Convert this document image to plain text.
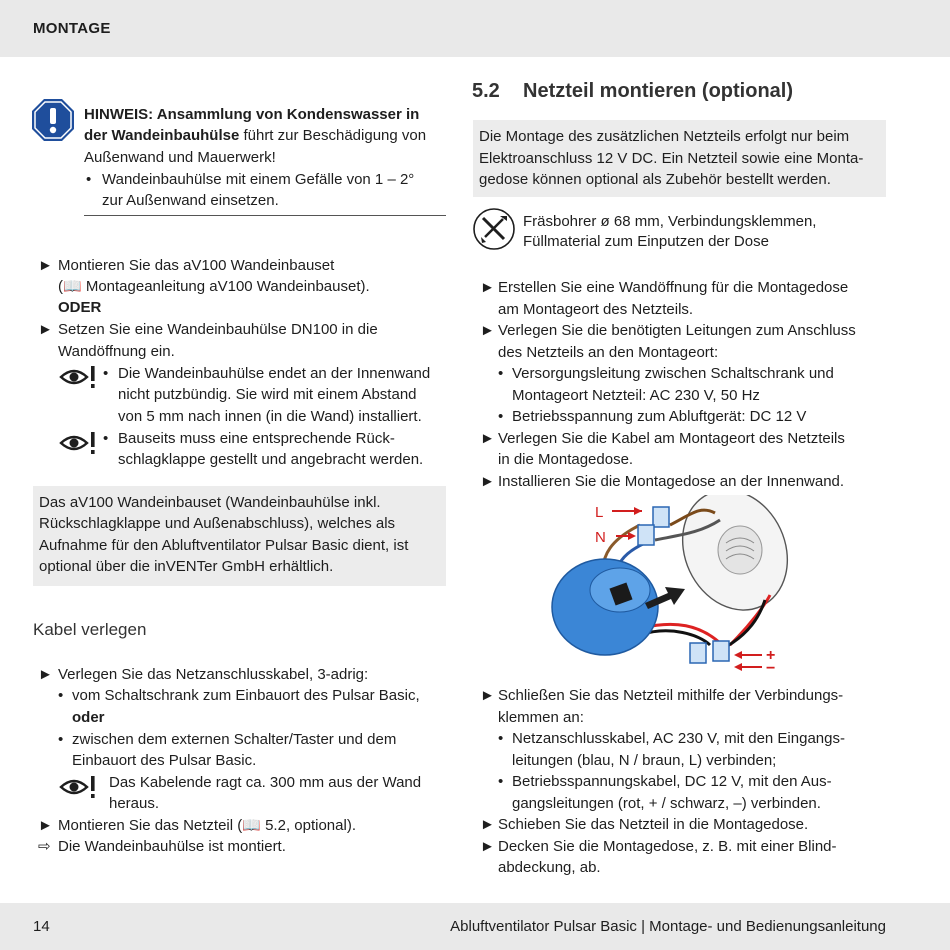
MONTAGE
14	Abluftventilator Pulsar Basic | Montage- und Bedienungsanleitung
HINWEIS: Ansammlung von Kondenswasser in
der Wandeinbauhülse führt zur Beschädigung von
Außenwand und Mauerwerk!
• Wandeinbauhülse mit einem Gefälle von 1 – 2°
zur Außenwand einsetzen.
► Montieren Sie das aV100 Wandeinbauset
(📖 Montageanleitung aV100 Wandeinbauset).
ODER
► Setzen Sie eine Wandeinbauhülse DN100 in die
Wandöffnung ein.
• Die Wandeinbauhülse endet an der Innenwand
nicht putzbündig. Sie wird mit einem Abstand
von 5 mm nach innen (in die Wand) installiert.
• Bauseits muss eine entsprechende Rück-
schlagklappe gestellt und angebracht werden.
Das aV100 Wandeinbauset (Wandeinbauhülse inkl.
Rückschlagklappe und Außenabschluss), welches als
Aufnahme für den Abluftventilator Pulsar Basic dient, ist
optional über die inVENTer GmbH erhältlich.
Kabel verlegen
► Verlegen Sie das Netzanschlusskabel, 3-adrig:
• vom Schaltschrank zum Einbauort des Pulsar Basic,
oder
• zwischen dem externen Schalter/Taster und dem
Einbauort des Pulsar Basic.
Das Kabelende ragt ca. 300 mm aus der Wand
heraus.
► Montieren Sie das Netzteil (📖 5.2, optional).
⇨ Die Wandeinbauhülse ist montiert.
5.2 Netzteil montieren (optional)
Die Montage des zusätzlichen Netzteils erfolgt nur beim
Elektroanschluss 12 V DC. Ein Netzteil sowie eine Monta-
gedose können optional als Zubehör bestellt werden.
Fräsbohrer ø 68 mm, Verbindungsklemmen,
Füllmaterial zum Einputzen der Dose
► Erstellen Sie eine Wandöffnung für die Montagedose
am Montageort des Netzteils.
► Verlegen Sie die benötigten Leitungen zum Anschluss
des Netzteils an den Montageort:
• Versorgungsleitung zwischen Schaltschrank und
Montageort Netzteil: AC 230 V, 50 Hz
• Betriebsspannung zum Abluftgerät: DC 12 V
► Verlegen Sie die Kabel am Montageort des Netzteils
in die Montagedose.
► Installieren Sie die Montagedose an der Innenwand.
L
N
+
−
► Schließen Sie das Netzteil mithilfe der Verbindungs-
klemmen an:
• Netzanschlusskabel, AC 230 V, mit den Eingangs-
leitungen (blau, N / braun, L) verbinden;
• Betriebsspannungskabel, DC 12 V, mit den Aus-
gangsleitungen (rot, + / schwarz, –) verbinden.
► Schieben Sie das Netzteil in die Montagedose.
► Decken Sie die Montagedose, z. B. mit einer Blind-
abdeckung, ab.
